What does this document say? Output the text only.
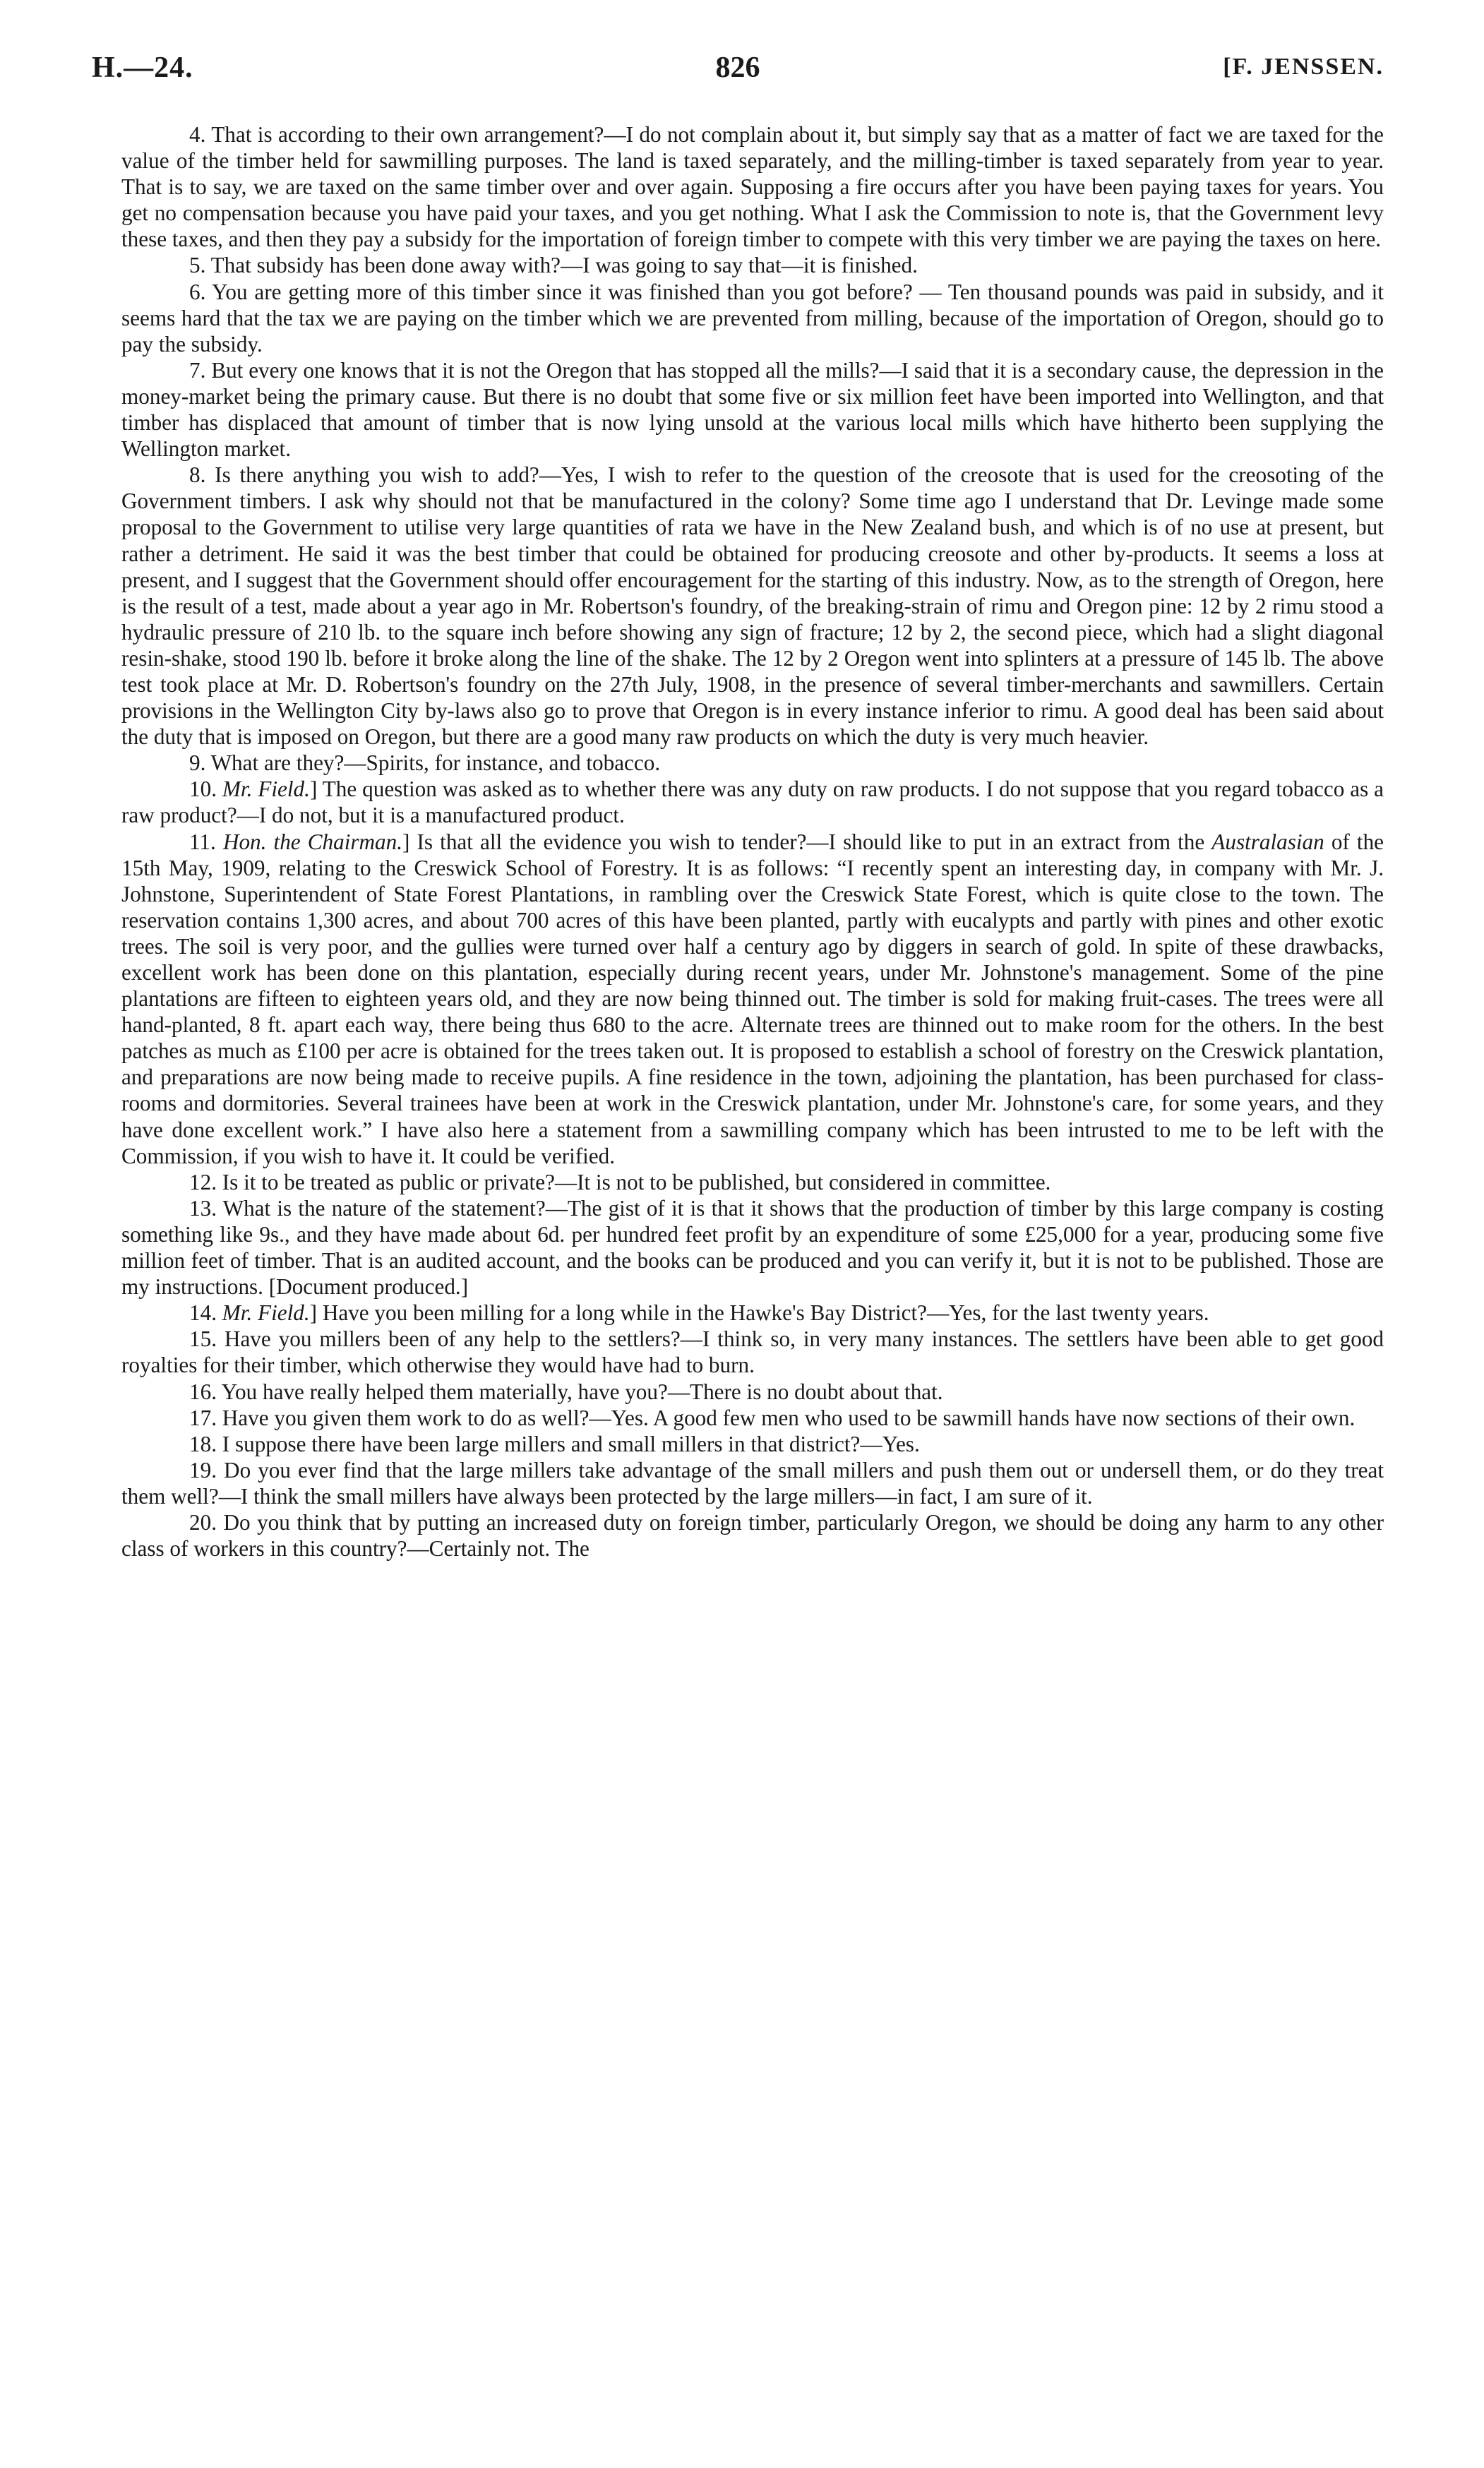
H.—24.	826	[F. JENSSEN.

4. That is according to their own arrangement?—I do not complain about it, but simply say that as a matter of fact we are taxed for the value of the timber held for sawmilling purposes. The land is taxed separately, and the milling-timber is taxed separately from year to year. That is to say, we are taxed on the same timber over and over again. Supposing a fire occurs after you have been paying taxes for years. You get no compensation because you have paid your taxes, and you get nothing. What I ask the Commission to note is, that the Government levy these taxes, and then they pay a subsidy for the importation of foreign timber to compete with this very timber we are paying the taxes on here.

5. That subsidy has been done away with?—I was going to say that—it is finished.

6. You are getting more of this timber since it was finished than you got before? — Ten thousand pounds was paid in subsidy, and it seems hard that the tax we are paying on the timber which we are prevented from milling, because of the importation of Oregon, should go to pay the subsidy.

7. But every one knows that it is not the Oregon that has stopped all the mills?—I said that it is a secondary cause, the depression in the money-market being the primary cause. But there is no doubt that some five or six million feet have been imported into Wellington, and that timber has displaced that amount of timber that is now lying unsold at the various local mills which have hitherto been supplying the Wellington market.

8. Is there anything you wish to add?—Yes, I wish to refer to the question of the creosote that is used for the creosoting of the Government timbers. I ask why should not that be manufactured in the colony? Some time ago I understand that Dr. Levinge made some proposal to the Government to utilise very large quantities of rata we have in the New Zealand bush, and which is of no use at present, but rather a detriment. He said it was the best timber that could be obtained for producing creosote and other by-products. It seems a loss at present, and I suggest that the Government should offer encouragement for the starting of this industry. Now, as to the strength of Oregon, here is the result of a test, made about a year ago in Mr. Robertson's foundry, of the breaking-strain of rimu and Oregon pine: 12 by 2 rimu stood a hydraulic pressure of 210 lb. to the square inch before showing any sign of fracture; 12 by 2, the second piece, which had a slight diagonal resin-shake, stood 190 lb. before it broke along the line of the shake. The 12 by 2 Oregon went into splinters at a pressure of 145 lb. The above test took place at Mr. D. Robertson's foundry on the 27th July, 1908, in the presence of several timber-merchants and sawmillers. Certain provisions in the Wellington City by-laws also go to prove that Oregon is in every instance inferior to rimu. A good deal has been said about the duty that is imposed on Oregon, but there are a good many raw products on which the duty is very much heavier.

9. What are they?—Spirits, for instance, and tobacco.

10. Mr. Field.] The question was asked as to whether there was any duty on raw products. I do not suppose that you regard tobacco as a raw product?—I do not, but it is a manufactured product.

11. Hon. the Chairman.] Is that all the evidence you wish to tender?—I should like to put in an extract from the Australasian of the 15th May, 1909, relating to the Creswick School of Forestry. It is as follows: “I recently spent an interesting day, in company with Mr. J. Johnstone, Superintendent of State Forest Plantations, in rambling over the Creswick State Forest, which is quite close to the town. The reservation contains 1,300 acres, and about 700 acres of this have been planted, partly with eucalypts and partly with pines and other exotic trees. The soil is very poor, and the gullies were turned over half a century ago by diggers in search of gold. In spite of these drawbacks, excellent work has been done on this plantation, especially during recent years, under Mr. Johnstone's management. Some of the pine plantations are fifteen to eighteen years old, and they are now being thinned out. The timber is sold for making fruit-cases. The trees were all hand-planted, 8 ft. apart each way, there being thus 680 to the acre. Alternate trees are thinned out to make room for the others. In the best patches as much as £100 per acre is obtained for the trees taken out. It is proposed to establish a school of forestry on the Creswick plantation, and preparations are now being made to receive pupils. A fine residence in the town, adjoining the plantation, has been purchased for class-rooms and dormitories. Several trainees have been at work in the Creswick plantation, under Mr. Johnstone's care, for some years, and they have done excellent work.” I have also here a statement from a sawmilling company which has been intrusted to me to be left with the Commission, if you wish to have it. It could be verified.

12. Is it to be treated as public or private?—It is not to be published, but considered in committee.

13. What is the nature of the statement?—The gist of it is that it shows that the production of timber by this large company is costing something like 9s., and they have made about 6d. per hundred feet profit by an expenditure of some £25,000 for a year, producing some five million feet of timber. That is an audited account, and the books can be produced and you can verify it, but it is not to be published. Those are my instructions. [Document produced.]

14. Mr. Field.] Have you been milling for a long while in the Hawke's Bay District?—Yes, for the last twenty years.

15. Have you millers been of any help to the settlers?—I think so, in very many instances. The settlers have been able to get good royalties for their timber, which otherwise they would have had to burn.

16. You have really helped them materially, have you?—There is no doubt about that.

17. Have you given them work to do as well?—Yes. A good few men who used to be sawmill hands have now sections of their own.

18. I suppose there have been large millers and small millers in that district?—Yes.

19. Do you ever find that the large millers take advantage of the small millers and push them out or undersell them, or do they treat them well?—I think the small millers have always been protected by the large millers—in fact, I am sure of it.

20. Do you think that by putting an increased duty on foreign timber, particularly Oregon, we should be doing any harm to any other class of workers in this country?—Certainly not. The
